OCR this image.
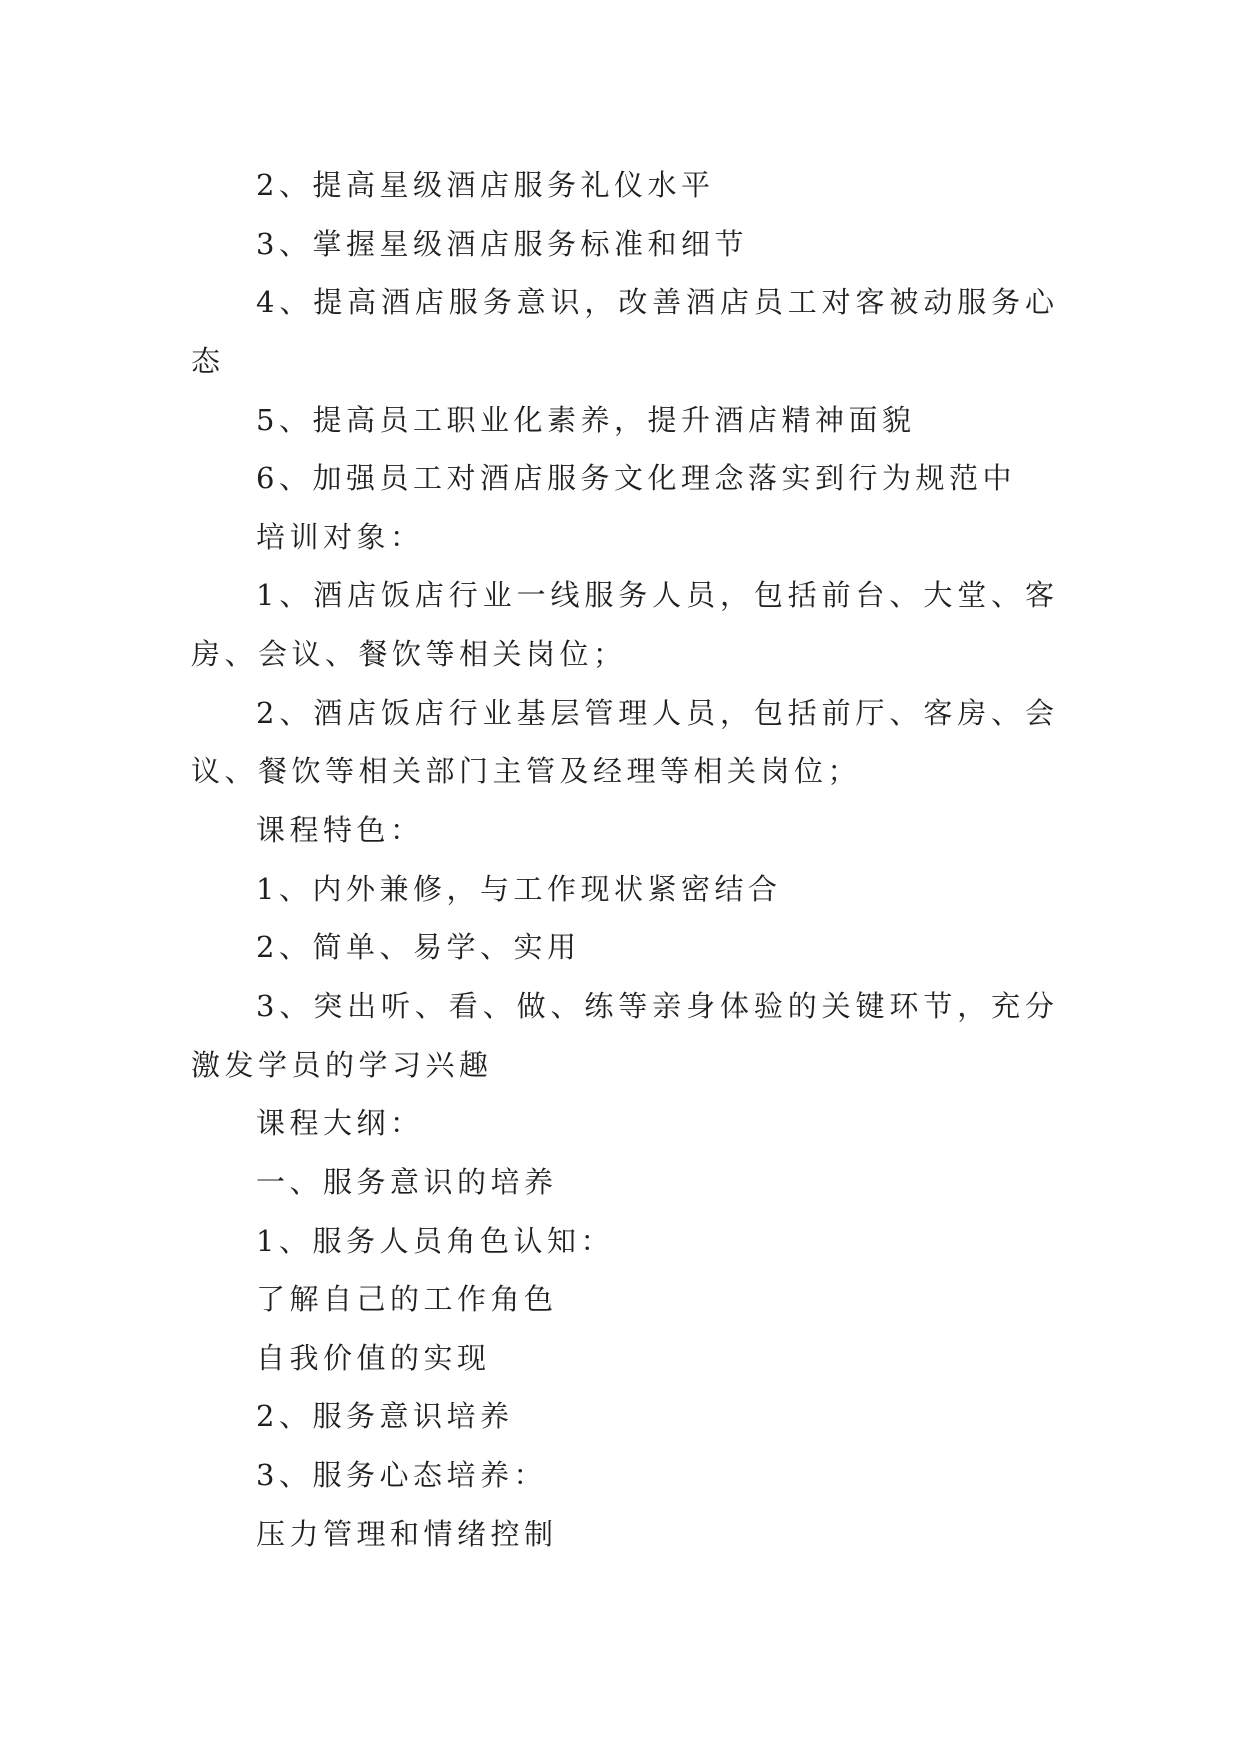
2、提高星级酒店服务礼仪水平
3、掌握星级酒店服务标准和细节
4、提高酒店服务意识，改善酒店员工对客被动服务心
态
5、提高员工职业化素养，提升酒店精神面貌
6、加强员工对酒店服务文化理念落实到行为规范中
培训对象：
1、酒店饭店行业一线服务人员，包括前台、大堂、客
房、会议、餐饮等相关岗位；
2、酒店饭店行业基层管理人员，包括前厅、客房、会
议、餐饮等相关部门主管及经理等相关岗位；
课程特色：
1、内外兼修，与工作现状紧密结合
2、简单、易学、实用
3、突出听、看、做、练等亲身体验的关键环节，充分
激发学员的学习兴趣
课程大纲：
一、服务意识的培养
1、服务人员角色认知：
了解自己的工作角色
自我价值的实现
2、服务意识培养
3、服务心态培养：
压力管理和情绪控制
